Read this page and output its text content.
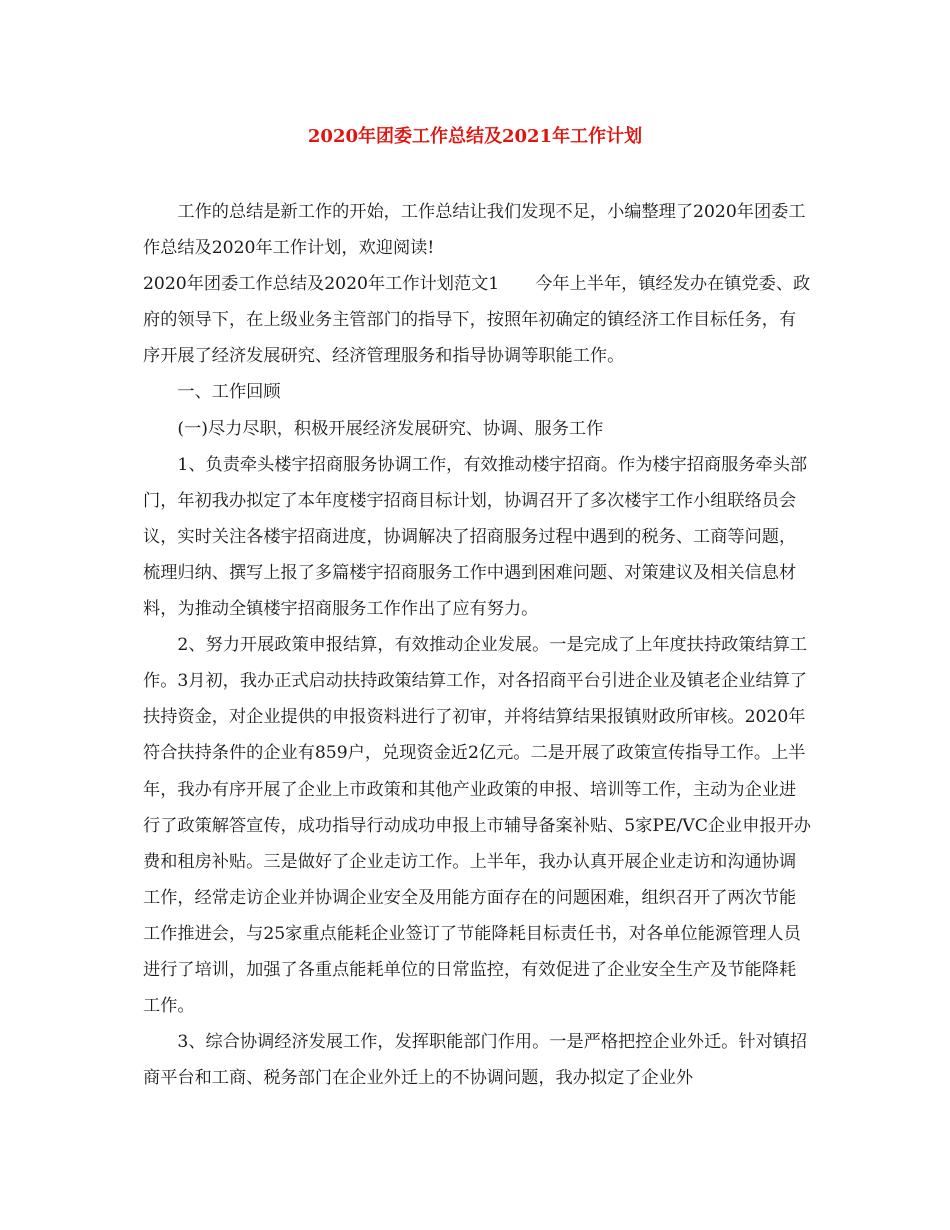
2020年团委工作总结及2021年工作计划

工作的总结是新工作的开始，工作总结让我们发现不足，小编整理了2020年团委工作总结及2020年工作计划，欢迎阅读!

2020年团委工作总结及2020年工作计划范文1 今年上半年，镇经发办在镇党委、政府的领导下，在上级业务主管部门的指导下，按照年初确定的镇经济工作目标任务，有序开展了经济发展研究、经济管理服务和指导协调等职能工作。

一、工作回顾

(一)尽力尽职，积极开展经济发展研究、协调、服务工作

1、负责牵头楼宇招商服务协调工作，有效推动楼宇招商。作为楼宇招商服务牵头部门，年初我办拟定了本年度楼宇招商目标计划，协调召开了多次楼宇工作小组联络员会议，实时关注各楼宇招商进度，协调解决了招商服务过程中遇到的税务、工商等问题，梳理归纳、撰写上报了多篇楼宇招商服务工作中遇到困难问题、对策建议及相关信息材料，为推动全镇楼宇招商服务工作作出了应有努力。

2、努力开展政策申报结算，有效推动企业发展。一是完成了上年度扶持政策结算工作。3月初，我办正式启动扶持政策结算工作，对各招商平台引进企业及镇老企业结算了扶持资金，对企业提供的申报资料进行了初审，并将结算结果报镇财政所审核。2020年符合扶持条件的企业有859户，兑现资金近2亿元。二是开展了政策宣传指导工作。上半年，我办有序开展了企业上市政策和其他产业政策的申报、培训等工作，主动为企业进行了政策解答宣传，成功指导行动成功申报上市辅导备案补贴、5家PE/VC企业申报开办费和租房补贴。三是做好了企业走访工作。上半年，我办认真开展企业走访和沟通协调工作，经常走访企业并协调企业安全及用能方面存在的问题困难，组织召开了两次节能工作推进会，与25家重点能耗企业签订了节能降耗目标责任书，对各单位能源管理人员进行了培训，加强了各重点能耗单位的日常监控，有效促进了企业安全生产及节能降耗工作。

3、综合协调经济发展工作，发挥职能部门作用。一是严格把控企业外迁。针对镇招商平台和工商、税务部门在企业外迁上的不协调问题，我办拟定了企业外
